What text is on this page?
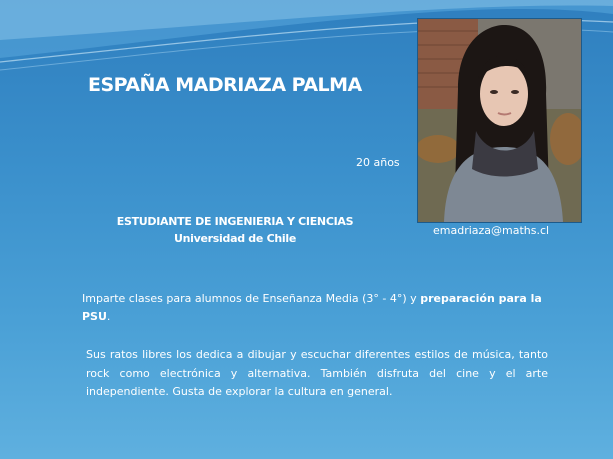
ESPAÑA MADRIAZA PALMA
20 años
ESTUDIANTE DE INGENIERIA Y CIENCIAS
Universidad de Chile
emadriaza@maths.cl
Imparte clases para alumnos de Enseñanza Media (3° - 4°) y preparación para la PSU.
Sus ratos libres los dedica a dibujar y escuchar diferentes estilos de música, tanto rock como electrónica y alternativa. También disfruta del cine y el arte independiente. Gusta de explorar la cultura en general.
